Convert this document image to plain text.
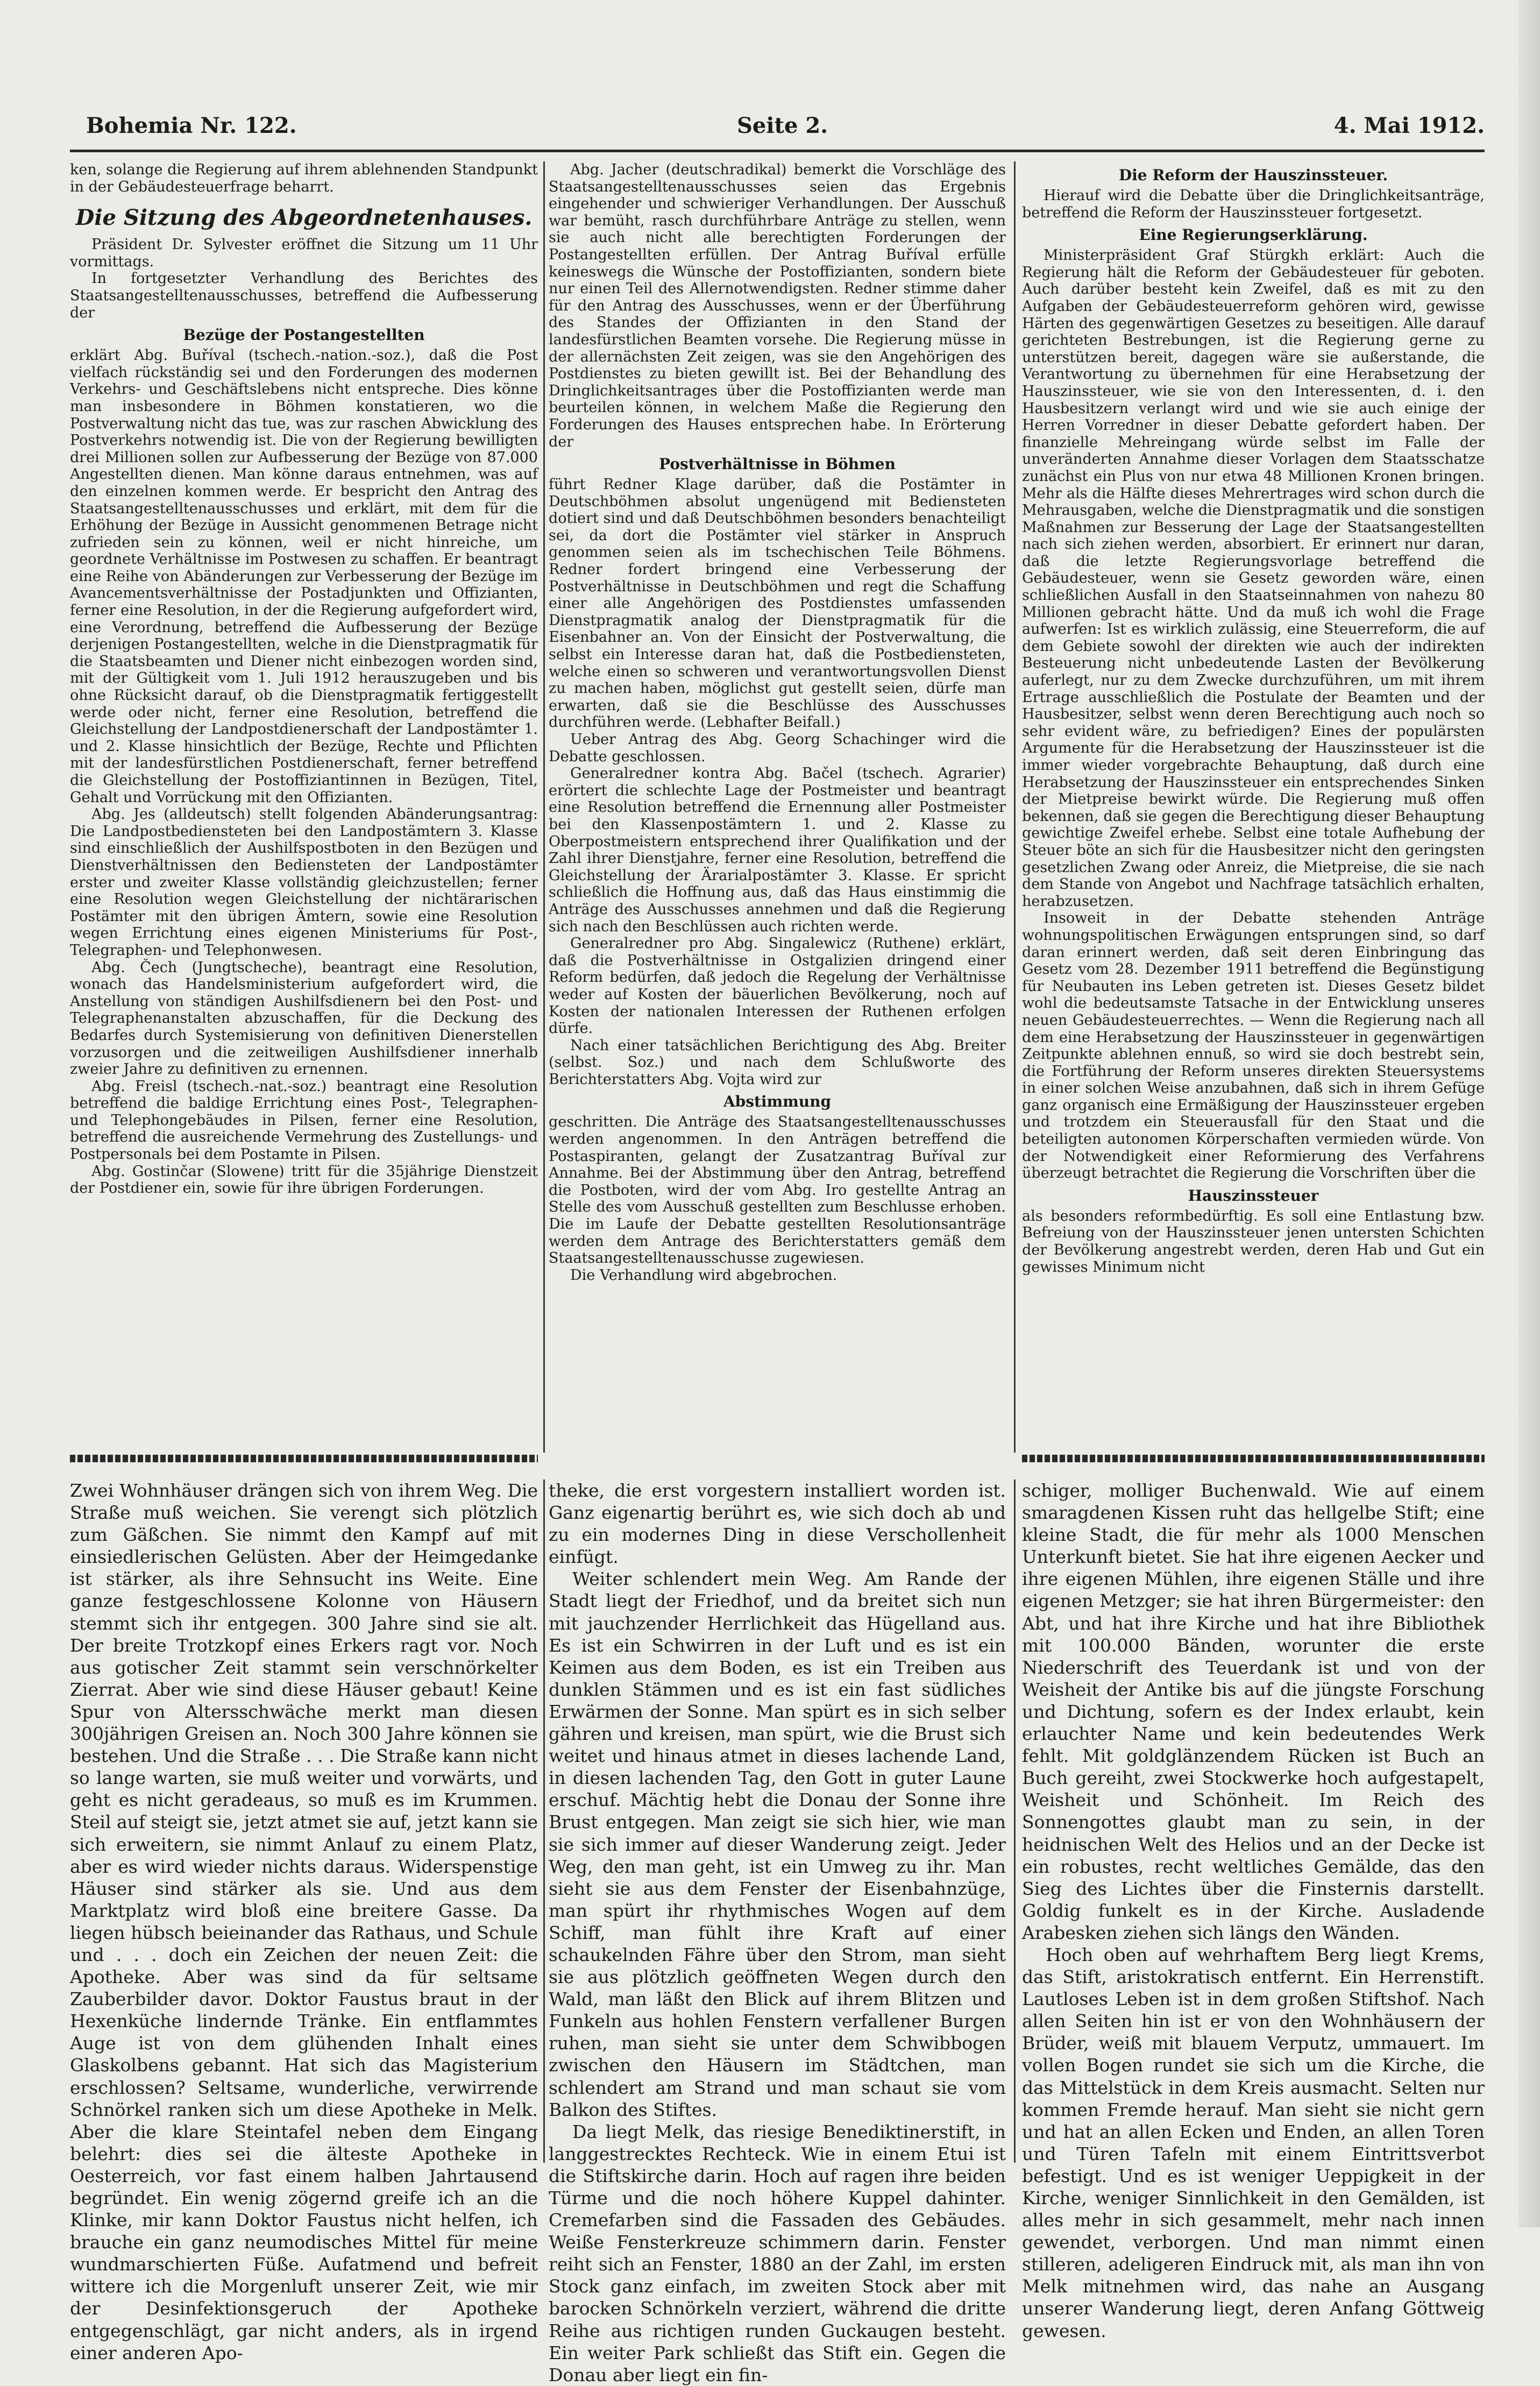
Bohemia Nr. 122.	Seite 2.	4. Mai 1912.

ken, solange die Regierung auf ihrem ablehnenden Standpunkt in der Gebäudesteuerfrage beharrt.

Die Sitzung des Abgeordnetenhauses.

Präsident Dr. Sylvester eröffnet die Sitzung um 11 Uhr vormittags.

In fortgesetzter Verhandlung des Berichtes des Staatsangestelltenausschusses, betreffend die Aufbesserung der

Bezüge der Postangestellten

erklärt Abg. Buříval (tschech.-nation.-soz.), daß die Post vielfach rückständig sei und den Forderungen des modernen Verkehrs- und Geschäftslebens nicht entspreche. Dies könne man insbesondere in Böhmen konstatieren, wo die Postverwaltung nicht das tue, was zur raschen Abwicklung des Postverkehrs notwendig ist. Die von der Regierung bewilligten drei Millionen sollen zur Aufbesserung der Bezüge von 87.000 Angestellten dienen. Man könne daraus entnehmen, was auf den einzelnen kommen werde. Er bespricht den Antrag des Staatsangestelltenausschusses und erklärt, mit dem für die Erhöhung der Bezüge in Aussicht genommenen Betrage nicht zufrieden sein zu können, weil er nicht hinreiche, um geordnete Verhältnisse im Postwesen zu schaffen. Er beantragt eine Reihe von Abänderungen zur Verbesserung der Bezüge im Avancementsverhältnisse der Postadjunkten und Offizianten, ferner eine Resolution, in der die Regierung aufgefordert wird, eine Verordnung, betreffend die Aufbesserung der Bezüge derjenigen Postangestellten, welche in die Dienstpragmatik für die Staatsbeamten und Diener nicht einbezogen worden sind, mit der Gültigkeit vom 1. Juli 1912 herauszugeben und bis ohne Rücksicht darauf, ob die Dienstpragmatik fertiggestellt werde oder nicht, ferner eine Resolution, betreffend die Gleichstellung der Landpostdienerschaft der Landpostämter 1. und 2. Klasse hinsichtlich der Bezüge, Rechte und Pflichten mit der landesfürstlichen Postdienerschaft, ferner betreffend die Gleichstellung der Postoffiziantinnen in Bezügen, Titel, Gehalt und Vorrückung mit den Offizianten.

Abg. Jes (alldeutsch) stellt folgenden Abänderungsantrag: Die Landpostbediensteten bei den Landpostämtern 3. Klasse sind einschließlich der Aushilfspostboten in den Bezügen und Dienstverhältnissen den Bediensteten der Landpostämter erster und zweiter Klasse vollständig gleichzustellen; ferner eine Resolution wegen Gleichstellung der nichtärarischen Postämter mit den übrigen Ämtern, sowie eine Resolution wegen Errichtung eines eigenen Ministeriums für Post-, Telegraphen- und Telephonwesen.

Abg. Čech (Jungtscheche), beantragt eine Resolution, wonach das Handelsministerium aufgefordert wird, die Anstellung von ständigen Aushilfsdienern bei den Post- und Telegraphenanstalten abzuschaffen, für die Deckung des Bedarfes durch Systemisierung von definitiven Dienerstellen vorzusorgen und die zeitweiligen Aushilfsdiener innerhalb zweier Jahre zu definitiven zu ernennen.

Abg. Freisl (tschech.-nat.-soz.) beantragt eine Resolution betreffend die baldige Errichtung eines Post-, Telegraphen- und Telephongebäudes in Pilsen, ferner eine Resolution, betreffend die ausreichende Vermehrung des Zustellungs- und Postpersonals bei dem Postamte in Pilsen.

Abg. Gostinčar (Slowene) tritt für die 35jährige Dienstzeit der Postdiener ein, sowie für ihre übrigen Forderungen.

Abg. Jacher (deutschradikal) bemerkt die Vorschläge des Staatsangestelltenausschusses seien das Ergebnis eingehender und schwieriger Verhandlungen. Der Ausschuß war bemüht, rasch durchführbare Anträge zu stellen, wenn sie auch nicht alle berechtigten Forderungen der Postangestellten erfüllen. Der Antrag Buříval erfülle keineswegs die Wünsche der Postoffizianten, sondern biete nur einen Teil des Allernotwendigsten. Redner stimme daher für den Antrag des Ausschusses, wenn er der Überführung des Standes der Offizianten in den Stand der landesfürstlichen Beamten vorsehe. Die Regierung müsse in der allernächsten Zeit zeigen, was sie den Angehörigen des Postdienstes zu bieten gewillt ist. Bei der Behandlung des Dringlichkeitsantrages über die Postoffizianten werde man beurteilen können, in welchem Maße die Regierung den Forderungen des Hauses entsprechen habe. In Erörterung der

Postverhältnisse in Böhmen

führt Redner Klage darüber, daß die Postämter in Deutschböhmen absolut ungenügend mit Bediensteten dotiert sind und daß Deutschböhmen besonders benachteiligt sei, da dort die Postämter viel stärker in Anspruch genommen seien als im tschechischen Teile Böhmens. Redner fordert bringend eine Verbesserung der Postverhältnisse in Deutschböhmen und regt die Schaffung einer alle Angehörigen des Postdienstes umfassenden Dienstpragmatik analog der Dienstpragmatik für die Eisenbahner an. Von der Einsicht der Postverwaltung, die selbst ein Interesse daran hat, daß die Postbediensteten, welche einen so schweren und verantwortungsvollen Dienst zu machen haben, möglichst gut gestellt seien, dürfe man erwarten, daß sie die Beschlüsse des Ausschusses durchführen werde. (Lebhafter Beifall.)

Ueber Antrag des Abg. Georg Schachinger wird die Debatte geschlossen.

Generalredner kontra Abg. Bačel (tschech. Agrarier) erörtert die schlechte Lage der Postmeister und beantragt eine Resolution betreffend die Ernennung aller Postmeister bei den Klassenpostämtern 1. und 2. Klasse zu Oberpostmeistern entsprechend ihrer Qualifikation und der Zahl ihrer Dienstjahre, ferner eine Resolution, betreffend die Gleichstellung der Ärarialpostämter 3. Klasse. Er spricht schließlich die Hoffnung aus, daß das Haus einstimmig die Anträge des Ausschusses annehmen und daß die Regierung sich nach den Beschlüssen auch richten werde.

Generalredner pro Abg. Singalewicz (Ruthene) erklärt, daß die Postverhältnisse in Ostgalizien dringend einer Reform bedürfen, daß jedoch die Regelung der Verhältnisse weder auf Kosten der bäuerlichen Bevölkerung, noch auf Kosten der nationalen Interessen der Ruthenen erfolgen dürfe.

Nach einer tatsächlichen Berichtigung des Abg. Breiter (selbst. Soz.) und nach dem Schlußworte des Berichterstatters Abg. Vojta wird zur

Abstimmung

geschritten. Die Anträge des Staatsangestelltenausschusses werden angenommen. In den Anträgen betreffend die Postaspiranten, gelangt der Zusatzantrag Buříval zur Annahme. Bei der Abstimmung über den Antrag, betreffend die Postboten, wird der vom Abg. Iro gestellte Antrag an Stelle des vom Ausschuß gestellten zum Beschlusse erhoben. Die im Laufe der Debatte gestellten Resolutionsanträge werden dem Antrage des Berichterstatters gemäß dem Staatsangestelltenausschusse zugewiesen.

Die Verhandlung wird abgebrochen.

Die Reform der Hauszinssteuer.

Hierauf wird die Debatte über die Dringlichkeitsanträge, betreffend die Reform der Hauszinssteuer fortgesetzt.

Eine Regierungserklärung.

Ministerpräsident Graf Stürgkh erklärt: Auch die Regierung hält die Reform der Gebäudesteuer für geboten. Auch darüber besteht kein Zweifel, daß es mit zu den Aufgaben der Gebäudesteuerreform gehören wird, gewisse Härten des gegenwärtigen Gesetzes zu beseitigen. Alle darauf gerichteten Bestrebungen, ist die Regierung gerne zu unterstützen bereit, dagegen wäre sie außerstande, die Verantwortung zu übernehmen für eine Herabsetzung der Hauszinssteuer, wie sie von den Interessenten, d. i. den Hausbesitzern verlangt wird und wie sie auch einige der Herren Vorredner in dieser Debatte gefordert haben. Der finanzielle Mehreingang würde selbst im Falle der unveränderten Annahme dieser Vorlagen dem Staatsschatze zunächst ein Plus von nur etwa 48 Millionen Kronen bringen. Mehr als die Hälfte dieses Mehrertrages wird schon durch die Mehrausgaben, welche die Dienstpragmatik und die sonstigen Maßnahmen zur Besserung der Lage der Staatsangestellten nach sich ziehen werden, absorbiert. Er erinnert nur daran, daß die letzte Regierungsvorlage betreffend die Gebäudesteuer, wenn sie Gesetz geworden wäre, einen schließlichen Ausfall in den Staatseinnahmen von nahezu 80 Millionen gebracht hätte. Und da muß ich wohl die Frage aufwerfen: Ist es wirklich zulässig, eine Steuerreform, die auf dem Gebiete sowohl der direkten wie auch der indirekten Besteuerung nicht unbedeutende Lasten der Bevölkerung auferlegt, nur zu dem Zwecke durchzuführen, um mit ihrem Ertrage ausschließlich die Postulate der Beamten und der Hausbesitzer, selbst wenn deren Berechtigung auch noch so sehr evident wäre, zu befriedigen? Eines der populärsten Argumente für die Herabsetzung der Hauszinssteuer ist die immer wieder vorgebrachte Behauptung, daß durch eine Herabsetzung der Hauszinssteuer ein entsprechendes Sinken der Mietpreise bewirkt würde. Die Regierung muß offen bekennen, daß sie gegen die Berechtigung dieser Behauptung gewichtige Zweifel erhebe. Selbst eine totale Aufhebung der Steuer böte an sich für die Hausbesitzer nicht den geringsten gesetzlichen Zwang oder Anreiz, die Mietpreise, die sie nach dem Stande von Angebot und Nachfrage tatsächlich erhalten, herabzusetzen.

Insoweit in der Debatte stehenden Anträge wohnungspolitischen Erwägungen entsprungen sind, so darf daran erinnert werden, daß seit deren Einbringung das Gesetz vom 28. Dezember 1911 betreffend die Begünstigung für Neubauten ins Leben getreten ist. Dieses Gesetz bildet wohl die bedeutsamste Tatsache in der Entwicklung unseres neuen Gebäudesteuerrechtes. — Wenn die Regierung nach all dem eine Herabsetzung der Hauszinssteuer in gegenwärtigen Zeitpunkte ablehnen ennuß, so wird sie doch bestrebt sein, die Fortführung der Reform unseres direkten Steuersystems in einer solchen Weise anzubahnen, daß sich in ihrem Gefüge ganz organisch eine Ermäßigung der Hauszinssteuer ergeben und trotzdem ein Steuerausfall für den Staat und die beteiligten autonomen Körperschaften vermieden würde. Von der Notwendigkeit einer Reformierung des Verfahrens überzeugt betrachtet die Regierung die Vorschriften über die

Hauszinssteuer

als besonders reformbedürftig. Es soll eine Entlastung bzw. Befreiung von der Hauszinssteuer jenen untersten Schichten der Bevölkerung angestrebt werden, deren Hab und Gut ein gewisses Minimum nicht

Zwei Wohnhäuser drängen sich von ihrem Weg. Die Straße muß weichen. Sie verengt sich plötzlich zum Gäßchen. Sie nimmt den Kampf auf mit einsiedlerischen Gelüsten. Aber der Heimgedanke ist stärker, als ihre Sehnsucht ins Weite. Eine ganze festgeschlossene Kolonne von Häusern stemmt sich ihr entgegen. 300 Jahre sind sie alt. Der breite Trotzkopf eines Erkers ragt vor. Noch aus gotischer Zeit stammt sein verschnörkelter Zierrat. Aber wie sind diese Häuser gebaut! Keine Spur von Altersschwäche merkt man diesen 300jährigen Greisen an. Noch 300 Jahre können sie bestehen. Und die Straße . . . Die Straße kann nicht so lange warten, sie muß weiter und vorwärts, und geht es nicht geradeaus, so muß es im Krummen. Steil auf steigt sie, jetzt atmet sie auf, jetzt kann sie sich erweitern, sie nimmt Anlauf zu einem Platz, aber es wird wieder nichts daraus. Widerspenstige Häuser sind stärker als sie. Und aus dem Marktplatz wird bloß eine breitere Gasse. Da liegen hübsch beieinander das Rathaus, und Schule und . . . doch ein Zeichen der neuen Zeit: die Apotheke. Aber was sind da für seltsame Zauberbilder davor. Doktor Faustus braut in der Hexenküche lindernde Tränke. Ein entflammtes Auge ist von dem glühenden Inhalt eines Glaskolbens gebannt. Hat sich das Magisterium erschlossen? Seltsame, wunderliche, verwirrende Schnörkel ranken sich um diese Apotheke in Melk. Aber die klare Steintafel neben dem Eingang belehrt: dies sei die älteste Apotheke in Oesterreich, vor fast einem halben Jahrtausend begründet. Ein wenig zögernd greife ich an die Klinke, mir kann Doktor Faustus nicht helfen, ich brauche ein ganz neumodisches Mittel für meine wundmarschierten Füße. Aufatmend und befreit wittere ich die Morgenluft unserer Zeit, wie mir der Desinfektionsgeruch der Apotheke entgegenschlägt, gar nicht anders, als in irgend einer anderen Apo-

theke, die erst vorgestern installiert worden ist. Ganz eigenartig berührt es, wie sich doch ab und zu ein modernes Ding in diese Verschollenheit einfügt.

Weiter schlendert mein Weg. Am Rande der Stadt liegt der Friedhof, und da breitet sich nun mit jauchzender Herrlichkeit das Hügelland aus. Es ist ein Schwirren in der Luft und es ist ein Keimen aus dem Boden, es ist ein Treiben aus dunklen Stämmen und es ist ein fast südliches Erwärmen der Sonne. Man spürt es in sich selber gähren und kreisen, man spürt, wie die Brust sich weitet und hinaus atmet in dieses lachende Land, in diesen lachenden Tag, den Gott in guter Laune erschuf. Mächtig hebt die Donau der Sonne ihre Brust entgegen. Man zeigt sie sich hier, wie man sie sich immer auf dieser Wanderung zeigt. Jeder Weg, den man geht, ist ein Umweg zu ihr. Man sieht sie aus dem Fenster der Eisenbahnzüge, man spürt ihr rhythmisches Wogen auf dem Schiff, man fühlt ihre Kraft auf einer schaukelnden Fähre über den Strom, man sieht sie aus plötzlich geöffneten Wegen durch den Wald, man läßt den Blick auf ihrem Blitzen und Funkeln aus hohlen Fenstern verfallener Burgen ruhen, man sieht sie unter dem Schwibbogen zwischen den Häusern im Städtchen, man schlendert am Strand und man schaut sie vom Balkon des Stiftes.

Da liegt Melk, das riesige Benediktinerstift, in langgestrecktes Rechteck. Wie in einem Etui ist die Stiftskirche darin. Hoch auf ragen ihre beiden Türme und die noch höhere Kuppel dahinter. Cremefarben sind die Fassaden des Gebäudes. Weiße Fensterkreuze schimmern darin. Fenster reiht sich an Fenster, 1880 an der Zahl, im ersten Stock ganz einfach, im zweiten Stock aber mit barocken Schnörkeln verziert, während die dritte Reihe aus richtigen runden Guckaugen besteht. Ein weiter Park schließt das Stift ein. Gegen die Donau aber liegt ein fin-

schiger, molliger Buchenwald. Wie auf einem smaragdenen Kissen ruht das hellgelbe Stift; eine kleine Stadt, die für mehr als 1000 Menschen Unterkunft bietet. Sie hat ihre eigenen Aecker und ihre eigenen Mühlen, ihre eigenen Ställe und ihre eigenen Metzger; sie hat ihren Bürgermeister: den Abt, und hat ihre Kirche und hat ihre Bibliothek mit 100.000 Bänden, worunter die erste Niederschrift des Teuerdank ist und von der Weisheit der Antike bis auf die jüngste Forschung und Dichtung, sofern es der Index erlaubt, kein erlauchter Name und kein bedeutendes Werk fehlt. Mit goldglänzendem Rücken ist Buch an Buch gereiht, zwei Stockwerke hoch aufgestapelt, Weisheit und Schönheit. Im Reich des Sonnengottes glaubt man zu sein, in der heidnischen Welt des Helios und an der Decke ist ein robustes, recht weltliches Gemälde, das den Sieg des Lichtes über die Finsternis darstellt. Goldig funkelt es in der Kirche. Ausladende Arabesken ziehen sich längs den Wänden.

Hoch oben auf wehrhaftem Berg liegt Krems, das Stift, aristokratisch entfernt. Ein Herrenstift. Lautloses Leben ist in dem großen Stiftshof. Nach allen Seiten hin ist er von den Wohnhäusern der Brüder, weiß mit blauem Verputz, ummauert. Im vollen Bogen rundet sie sich um die Kirche, die das Mittelstück in dem Kreis ausmacht. Selten nur kommen Fremde herauf. Man sieht sie nicht gern und hat an allen Ecken und Enden, an allen Toren und Türen Tafeln mit einem Eintrittsverbot befestigt. Und es ist weniger Ueppigkeit in der Kirche, weniger Sinnlichkeit in den Gemälden, ist alles mehr in sich gesammelt, mehr nach innen gewendet, verborgen. Und man nimmt einen stilleren, adeligeren Eindruck mit, als man ihn von Melk mitnehmen wird, das nahe an Ausgang unserer Wanderung liegt, deren Anfang Göttweig gewesen.
